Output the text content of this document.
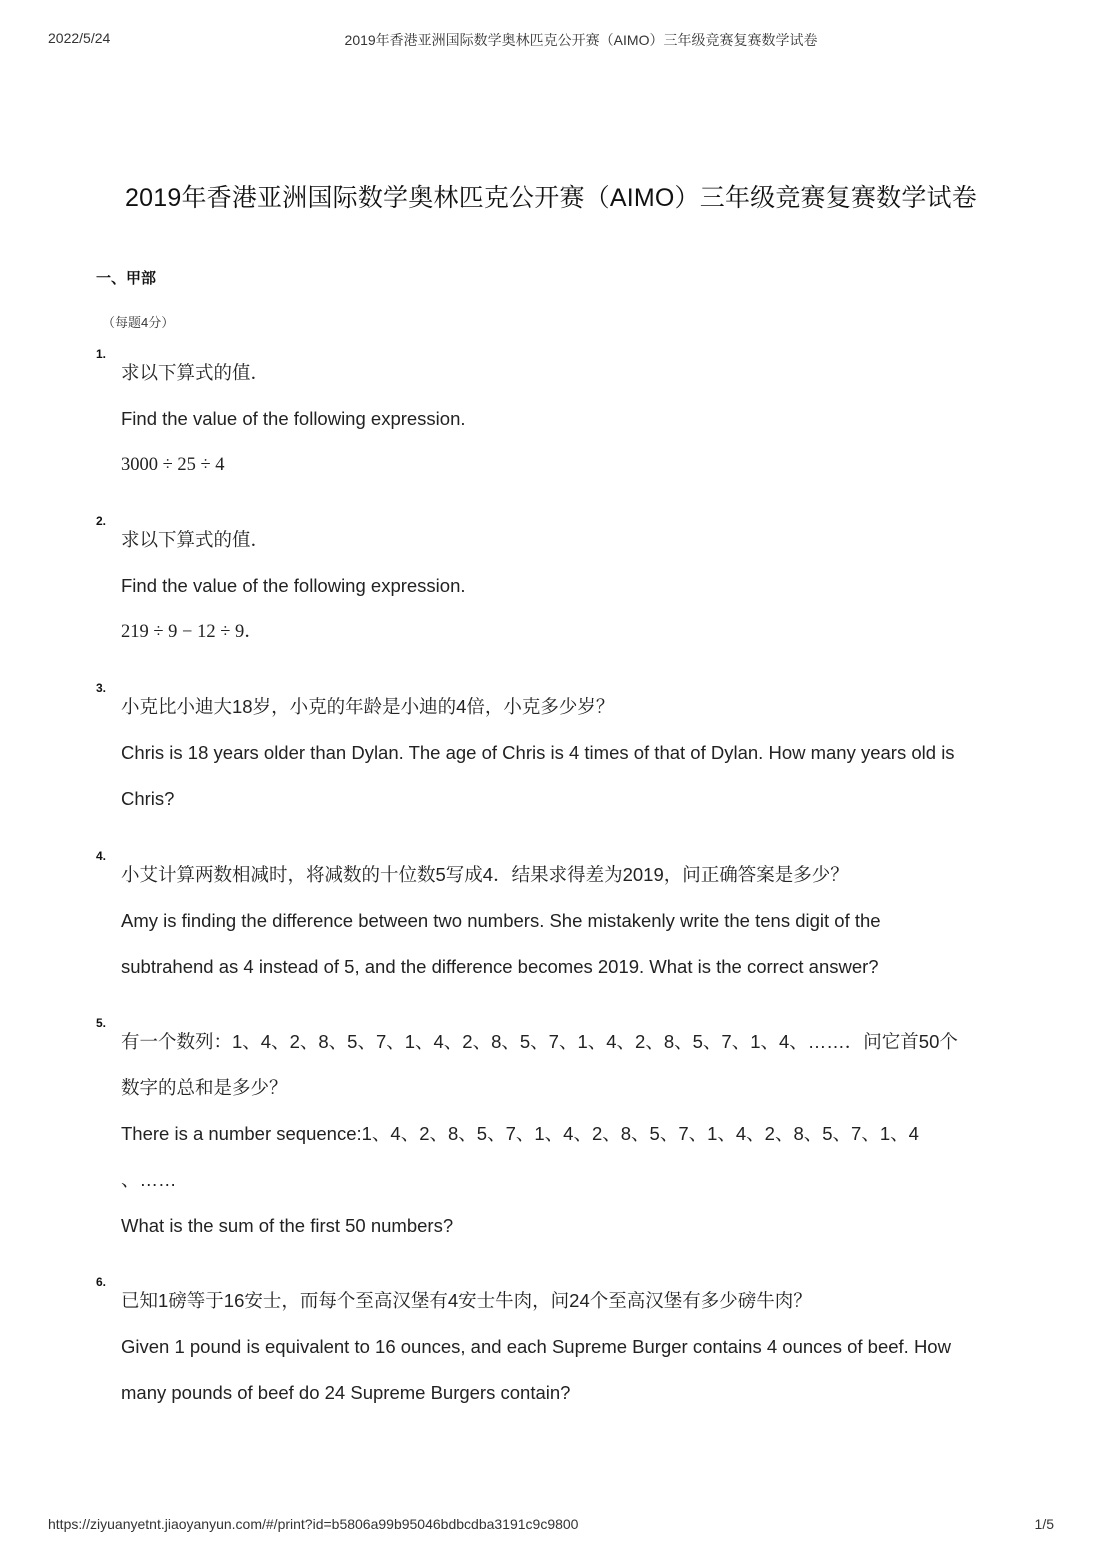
2022/5/24	2019年香港亚洲国际数学奥林匹克公开赛（AIMO）三年级竞赛复赛数学试卷
2019年香港亚洲国际数学奥林匹克公开赛（AIMO）三年级竞赛复赛数学试卷
一、甲部
（每题4分）
1.
求以下算式的值．
Find the value of the following expression.
3000 ÷ 25 ÷ 4
2.
求以下算式的值．
Find the value of the following expression.
219 ÷ 9 − 12 ÷ 9．
3.
小克比小迪大18岁，小克的年龄是小迪的4倍，小克多少岁？
Chris is 18 years older than Dylan. The age of Chris is 4 times of that of Dylan. How many years old is
Chris?
4.
小艾计算两数相减时，将减数的十位数5写成4．结果求得差为2019，问正确答案是多少？
Amy is finding the difference between two numbers. She mistakenly write the tens digit of the
subtrahend as 4 instead of 5, and the difference becomes 2019. What is the correct answer?
5.
有一个数列：1、4、2、8、5、7、1、4、2、8、5、7、1、4、2、8、5、7、1、4、……．问它首50个
数字的总和是多少？
There is a number sequence:1、4、2、8、5、7、1、4、2、8、5、7、1、4、2、8、5、7、1、4
、……
What is the sum of the first 50 numbers?
6.
已知1磅等于16安士，而每个至高汉堡有4安士牛肉，问24个至高汉堡有多少磅牛肉？
Given 1 pound is equivalent to 16 ounces, and each Supreme Burger contains 4 ounces of beef. How
many pounds of beef do 24 Supreme Burgers contain?
https://ziyuanyetnt.jiaoyanyun.com/#/print?id=b5806a99b95046bdbcdba3191c9c9800	1/5
